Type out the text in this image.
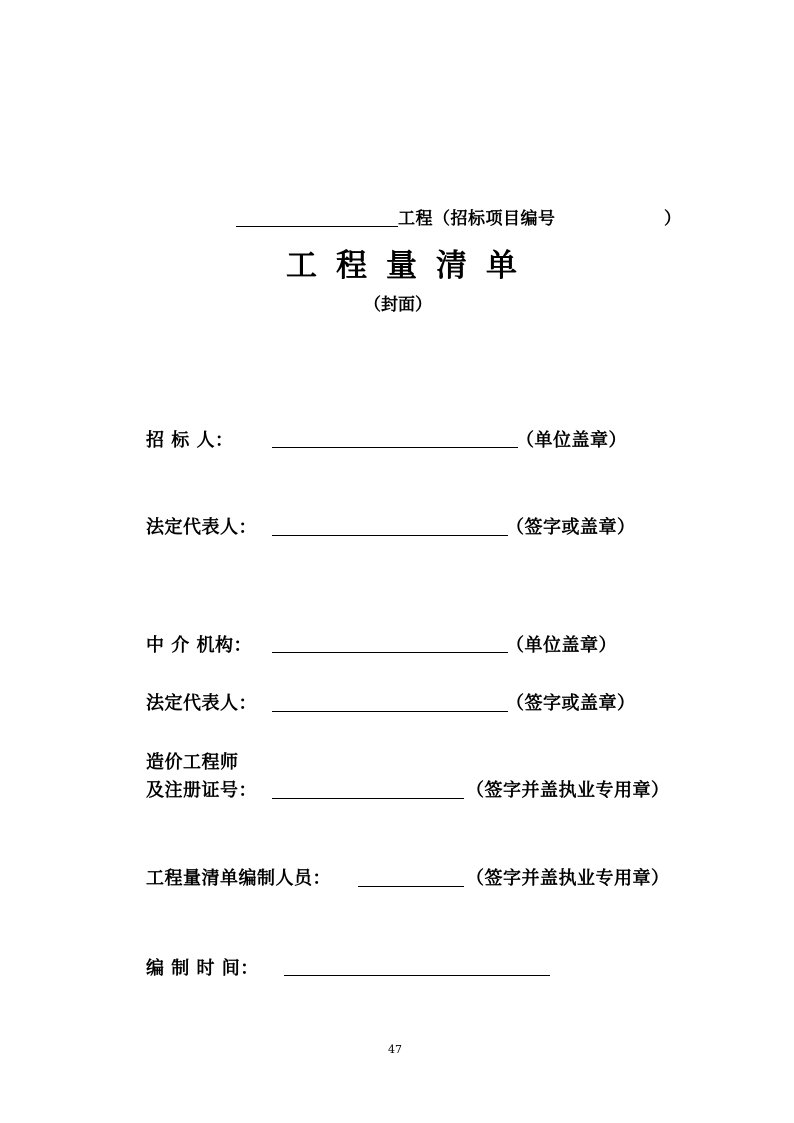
工程（招标项目编号	）
工程量清单
（封面）
招 标 人：	（单位盖章）
法定代表人：	（签字或盖章）
中 介 机构：	（单位盖章）
法定代表人：	（签字或盖章）
造价工程师
及注册证号：	（签字并盖执业专用章）
工程量清单编制人员：	（签字并盖执业专用章）
编 制 时 间：
47
